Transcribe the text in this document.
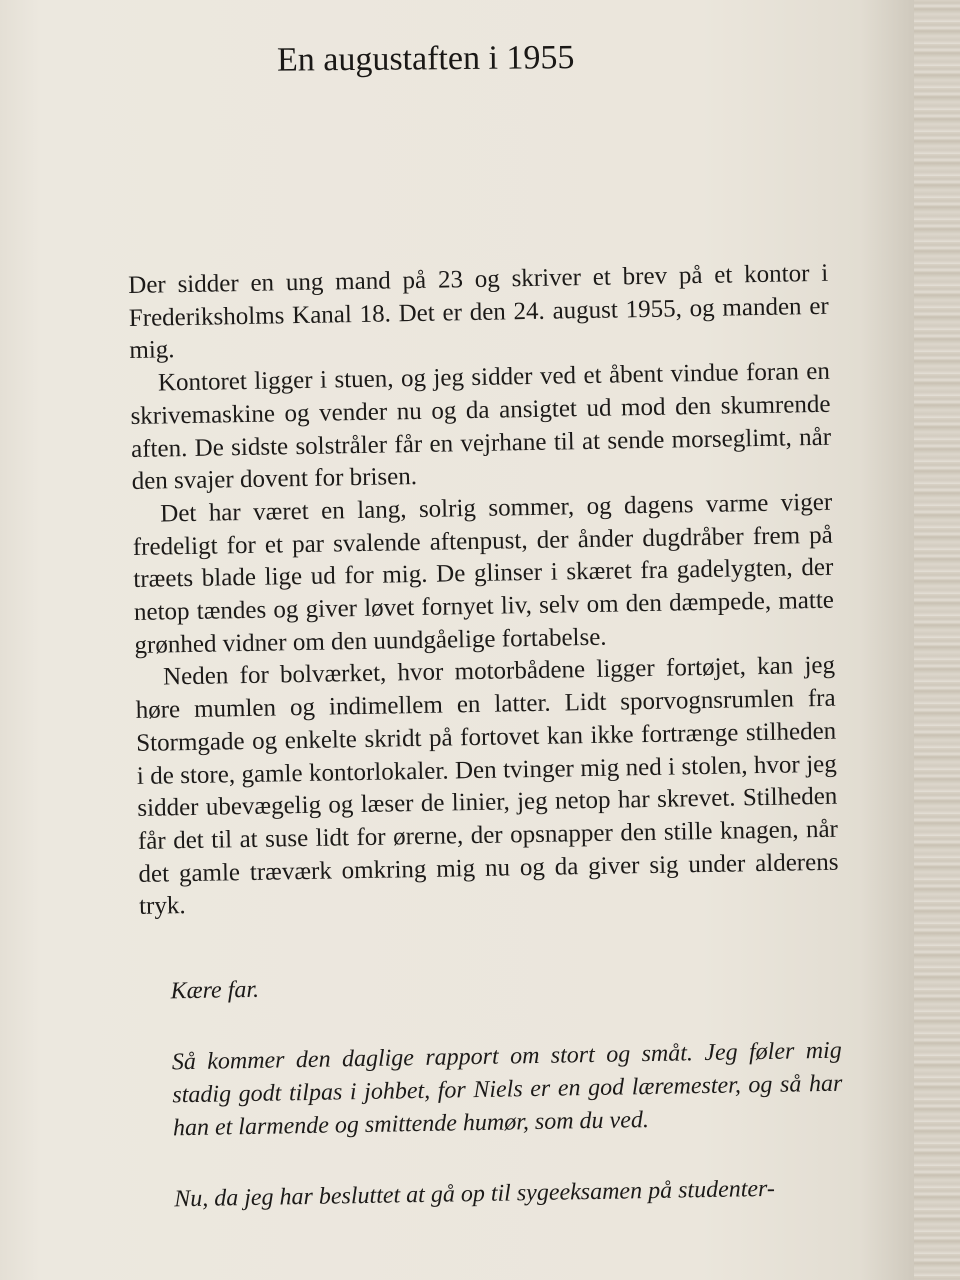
En augustaften i 1955

Der sidder en ung mand på 23 og skriver et brev på et kontor i Frederiksholms Kanal 18. Det er den 24. august 1955, og manden er mig.

Kontoret ligger i stuen, og jeg sidder ved et åbent vindue foran en skrivemaskine og vender nu og da ansigtet ud mod den skumrende aften. De sidste solstråler får en vejrhane til at sende morseglimt, når den svajer dovent for brisen.

Det har været en lang, solrig sommer, og dagens varme viger fredeligt for et par svalende aftenpust, der ånder dugdråber frem på træets blade lige ud for mig. De glinser i skæret fra gadelygten, der netop tændes og giver løvet fornyet liv, selv om den dæmpede, matte grønhed vidner om den uundgåelige fortabelse.

Neden for bolværket, hvor motorbådene ligger fortøjet, kan jeg høre mumlen og indimellem en latter. Lidt sporvognsrumlen fra Stormgade og enkelte skridt på fortovet kan ikke fortrænge stilheden i de store, gamle kontorlokaler. Den tvinger mig ned i stolen, hvor jeg sidder ubevægelig og læser de linier, jeg netop har skrevet. Stilheden får det til at suse lidt for ørerne, der opsnapper den stille knagen, når det gamle træværk omkring mig nu og da giver sig under alderens tryk.

Kære far.

Så kommer den daglige rapport om stort og småt. Jeg føler mig stadig godt tilpas i johbet, for Niels er en god læremester, og så har han et larmende og smittende humør, som du ved.

Nu, da jeg har besluttet at gå op til sygeeksamen på studenter-
